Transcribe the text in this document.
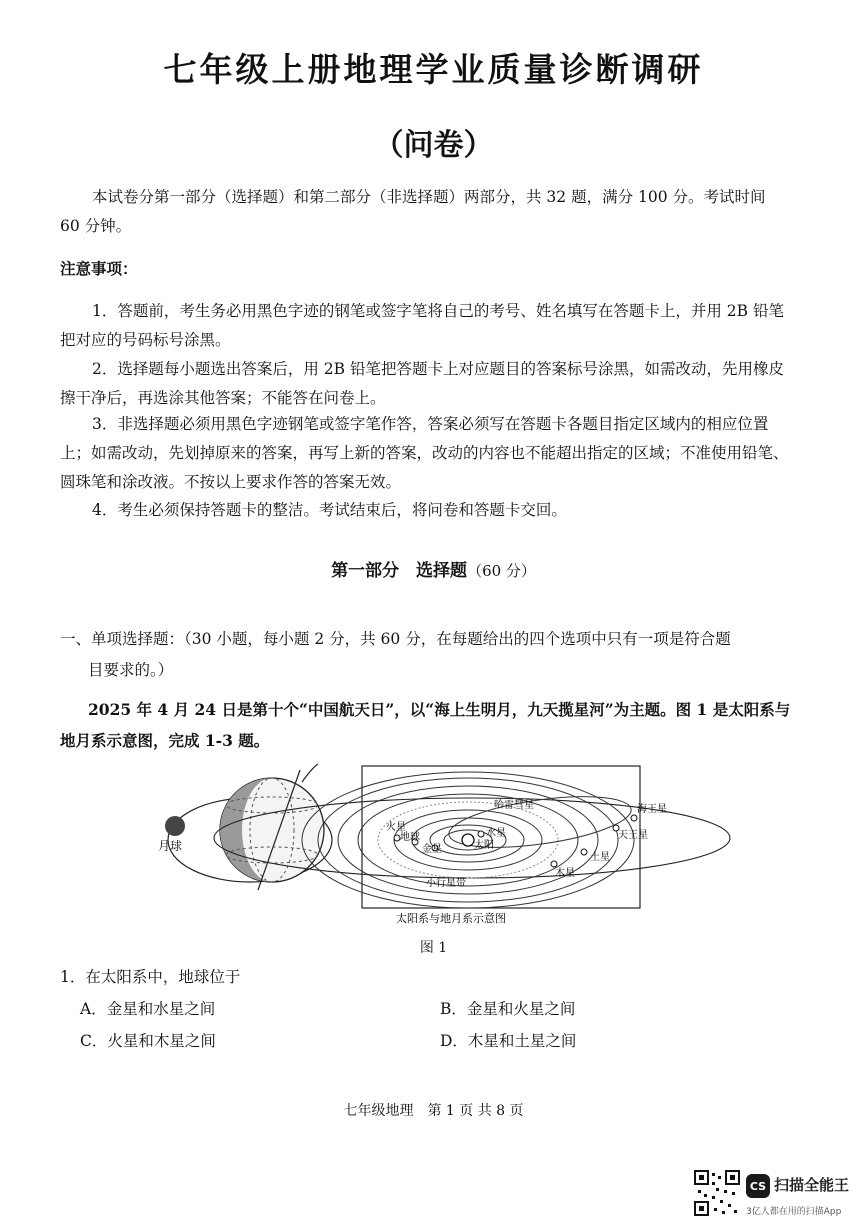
七年级上册地理学业质量诊断调研
（问卷）
本试卷分第一部分（选择题）和第二部分（非选择题）两部分，共 32 题，满分 100 分。考试时间 60 分钟。
注意事项：
1．答题前，考生务必用黑色字迹的钢笔或签字笔将自己的考号、姓名填写在答题卡上，并用 2B 铅笔把对应的号码标号涂黑。
2．选择题每小题选出答案后，用 2B 铅笔把答题卡上对应题目的答案标号涂黑，如需改动，先用橡皮擦干净后，再选涂其他答案；不能答在问卷上。
3．非选择题必须用黑色字迹钢笔或签字笔作答，答案必须写在答题卡各题目指定区域内的相应位置上；如需改动，先划掉原来的答案，再写上新的答案，改动的内容也不能超出指定的区域；不准使用铅笔、圆珠笔和涂改液。不按以上要求作答的答案无效。
4．考生必须保持答题卡的整洁。考试结束后，将问卷和答题卡交回。
第一部分　选择题（60 分）
一、单项选择题：（30 小题，每小题 2 分，共 60 分，在每题给出的四个选项中只有一项是符合题
目要求的。）
2025 年 4 月 24 日是第十个“中国航天日”，以“海上生明月，九天揽星河”为主题。图 1 是太阳系与地月系示意图，完成 1-3 题。
月球
火星
地球
金星
水星
太阳
哈雷彗星	海王星
天王星
土星
木星
小行星带
太阳系与地月系示意图
图 1
1．在太阳系中，地球位于
A．金星和水星之间	B．金星和火星之间
C．火星和木星之间	D．木星和土星之间
七年级地理　第 1 页 共 8 页
CS 扫描全能王
3亿人都在用的扫描App
